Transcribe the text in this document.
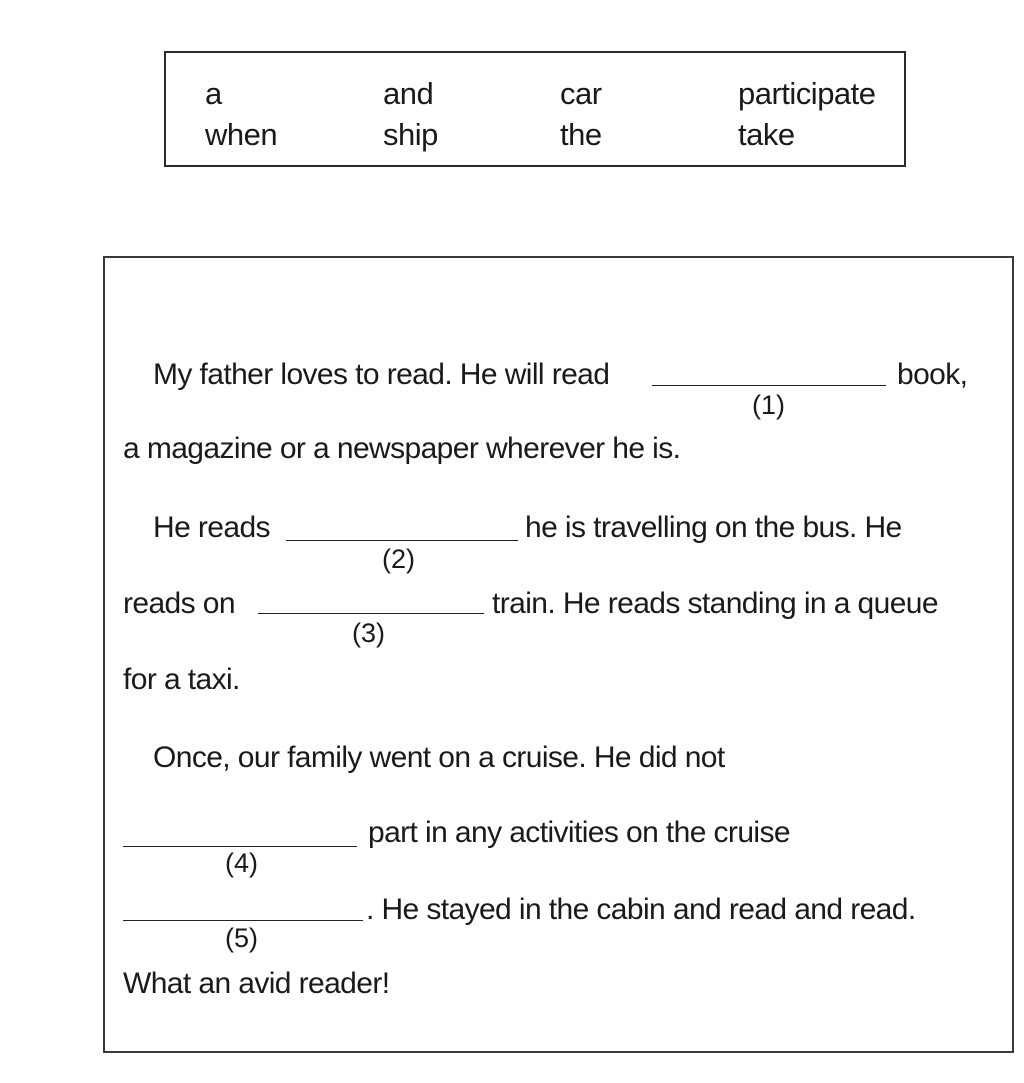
a	and	car	participate
when	ship	the	take
My father loves to read. He will read
(1)
book,
a magazine or a newspaper wherever he is.
He reads
(2)
he is travelling on the bus. He
reads on
(3)
train. He reads standing in a queue
for a taxi.
Once, our family went on a cruise. He did not
(4)
part in any activities on the cruise
(5)
. He stayed in the cabin and read and read.
What an avid reader!
